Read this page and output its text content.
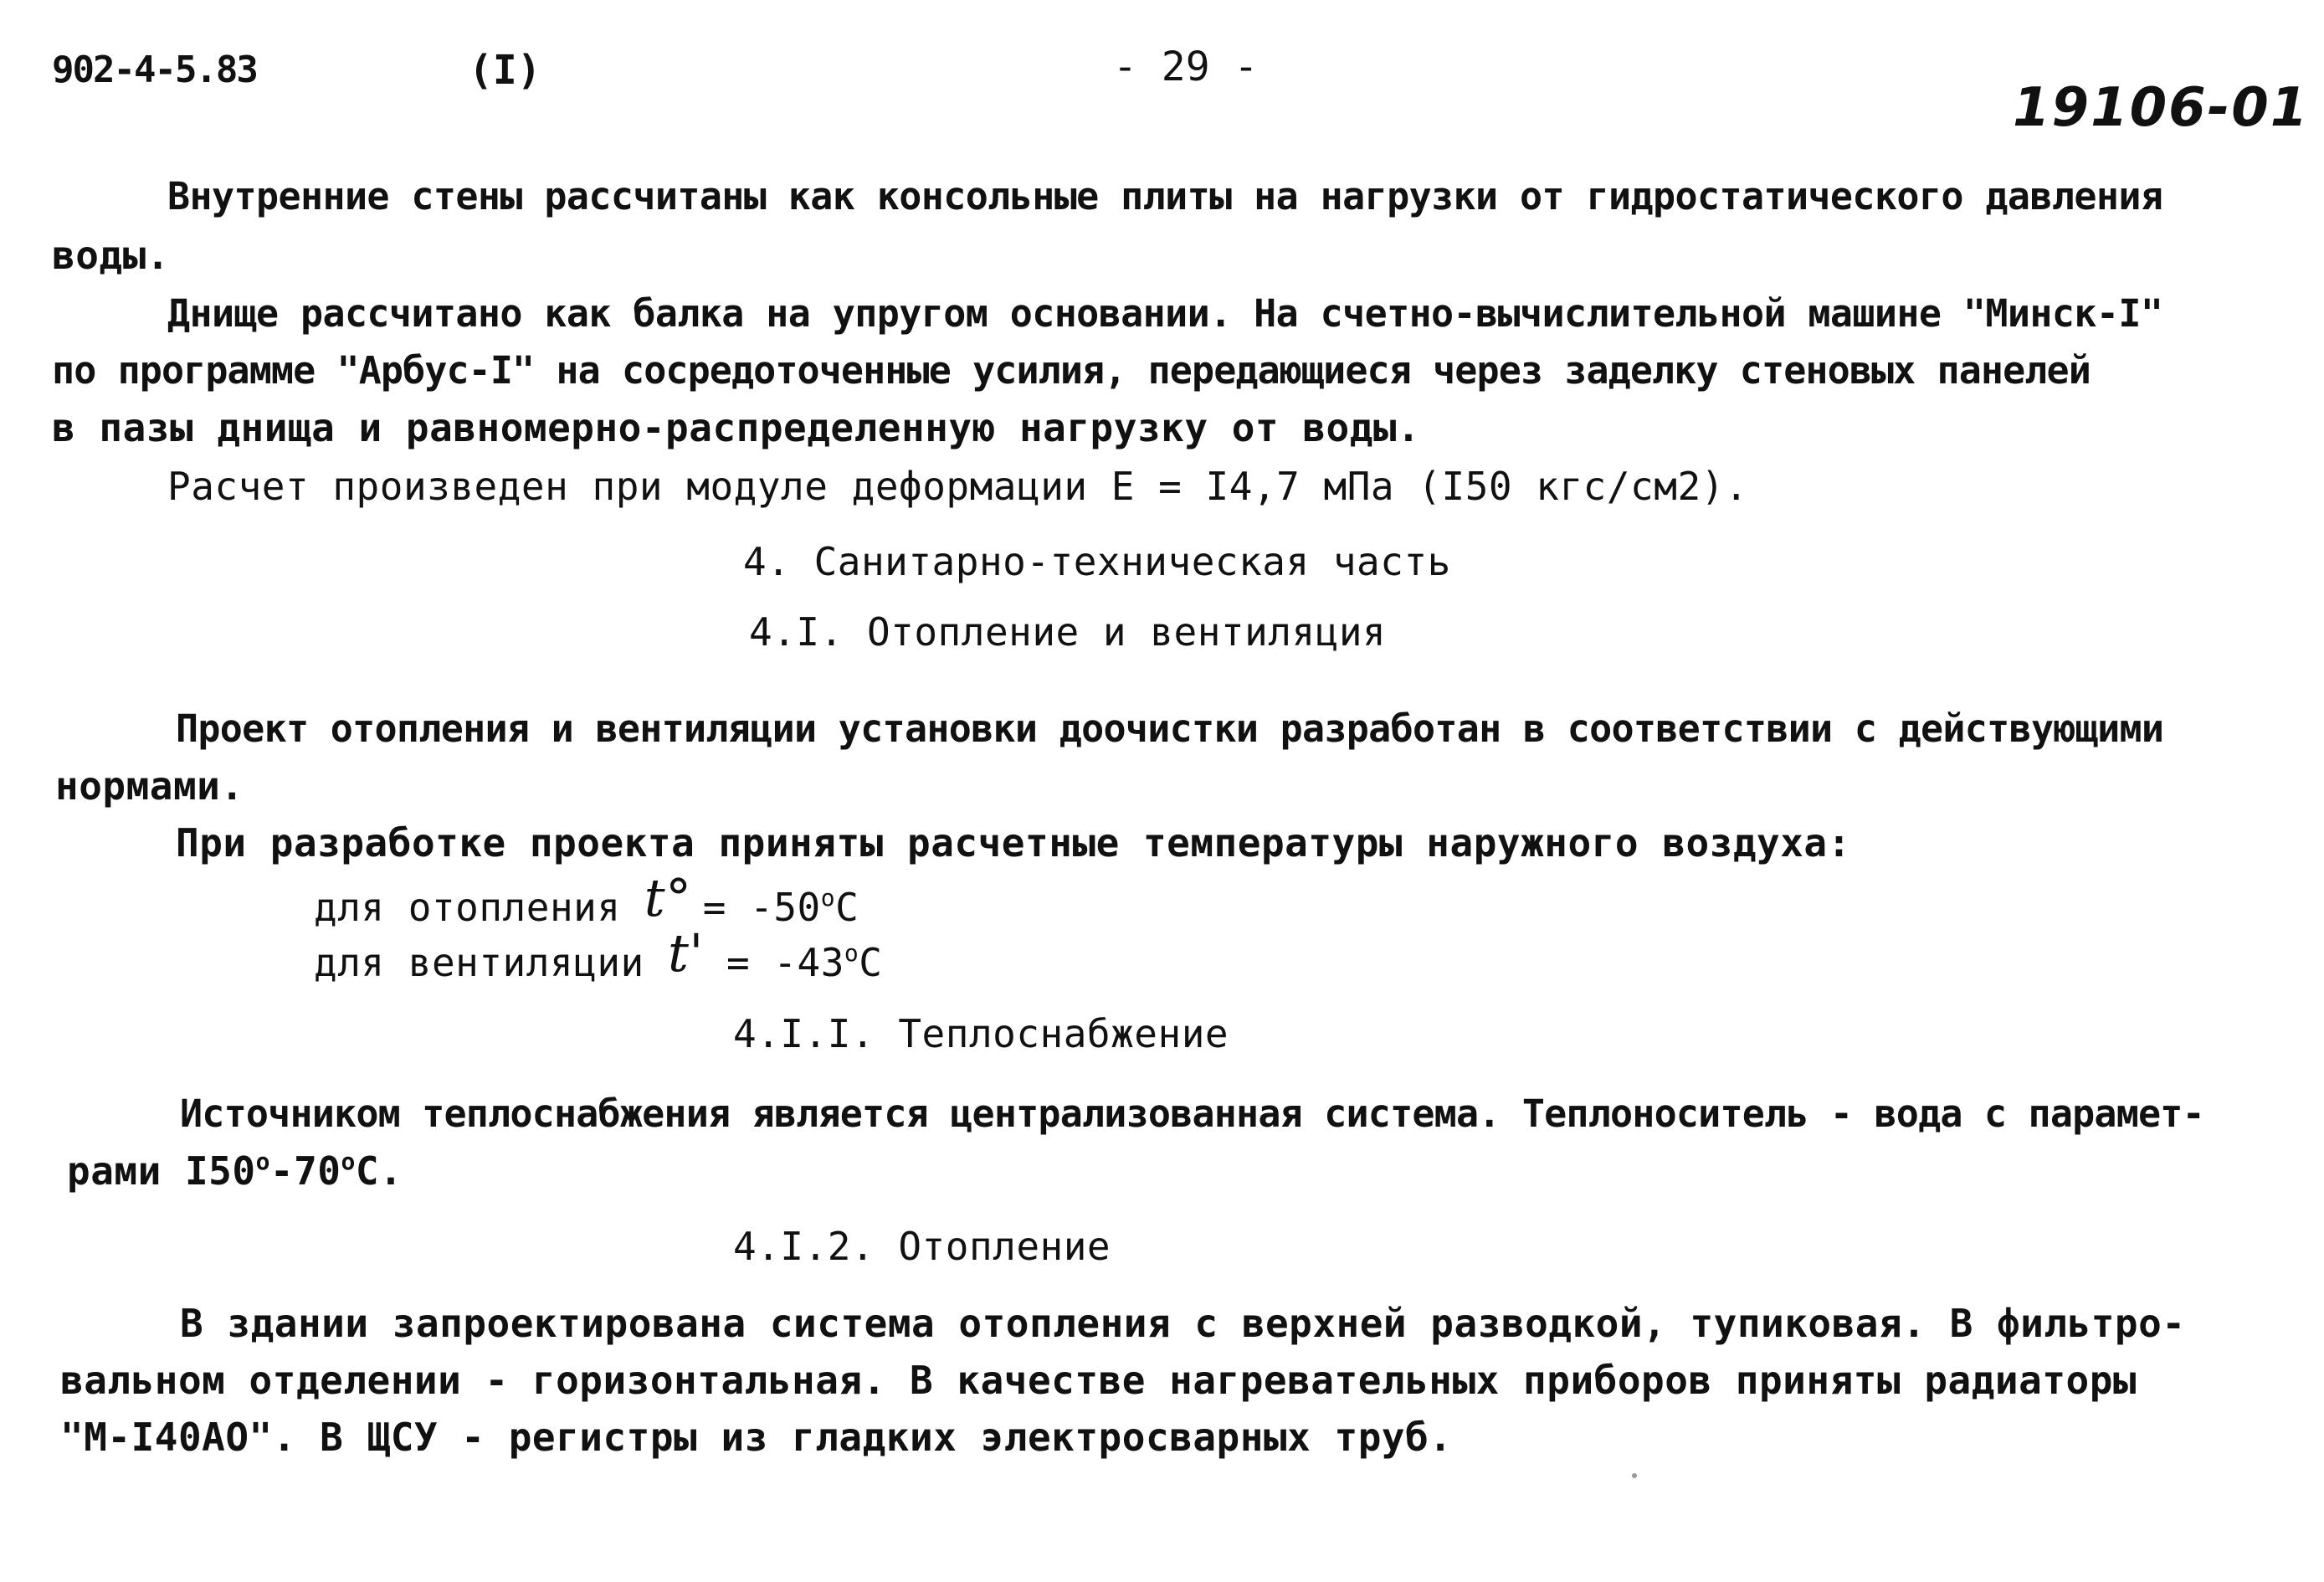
902-4-5.83	(I)	- 29 -
19106-01
Внутренние стены рассчитаны как консольные плиты на нагрузки от гидростатического давления
воды.
Днище рассчитано как балка на упругом основании. На счетно-вычислительной машине "Минск-I"
по программе "Арбус-I" на сосредоточенные усилия, передающиеся через заделку стеновых панелей
в пазы днища и равномерно-распределенную нагрузку от воды.
Расчет произведен при модуле деформации Е = I4,7 мПа (I50 кгс/см2).
4. Санитарно-техническая часть
4.I. Отопление и вентиляция
Проект отопления и вентиляции установки доочистки разработан в соответствии с действующими
нормами.
При разработке проекта приняты расчетные температуры наружного воздуха:
для отопления $t^\circ = -50^oC$
для вентиляции $t' = -43^oC$
4.I.I. Теплоснабжение
Источником теплоснабжения является централизованная система. Теплоноситель - вода с парамет-
рами I50$^o$-70$^o$С.
4.I.2. Отопление
В здании запроектирована система отопления с верхней разводкой, тупиковая. В фильтро-
вальном отделении - горизонтальная. В качестве нагревательных приборов приняты радиаторы
"М-I40АО". В ЩСУ - регистры из гладких электросварных труб.
